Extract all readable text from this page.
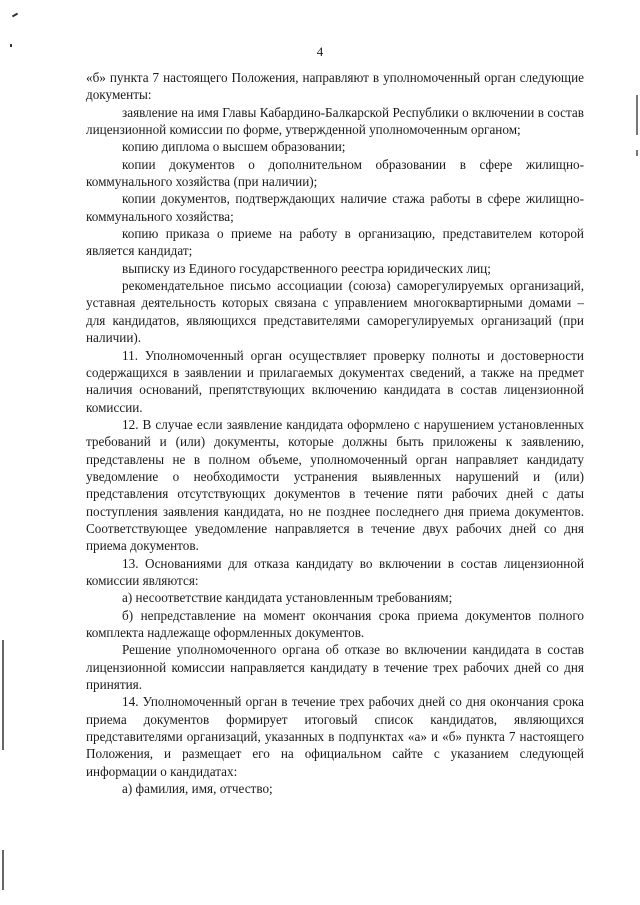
4

«б» пункта 7 настоящего Положения, направляют в уполномоченный орган следующие документы:

заявление на имя Главы Кабардино-Балкарской Республики о включении в состав лицензионной комиссии по форме, утвержденной уполномоченным органом;

копию диплома о высшем образовании;

копии документов о дополнительном образовании в сфере жилищно-коммунального хозяйства (при наличии);

копии документов, подтверждающих наличие стажа работы в сфере жилищно-коммунального хозяйства;

копию приказа о приеме на работу в организацию, представителем которой является кандидат;

выписку из Единого государственного реестра юридических лиц;

рекомендательное письмо ассоциации (союза) саморегулируемых организаций, уставная деятельность которых связана с управлением многоквартирными домами – для кандидатов, являющихся представителями саморегулируемых организаций (при наличии).

11. Уполномоченный орган осуществляет проверку полноты и достоверности содержащихся в заявлении и прилагаемых документах сведений, а также на предмет наличия оснований, препятствующих включению кандидата в состав лицензионной комиссии.

12. В случае если заявление кандидата оформлено с нарушением установленных требований и (или) документы, которые должны быть приложены к заявлению, представлены не в полном объеме, уполномоченный орган направляет кандидату уведомление о необходимости устранения выявленных нарушений и (или) представления отсутствующих документов в течение пяти рабочих дней с даты поступления заявления кандидата, но не позднее последнего дня приема документов. Соответствующее уведомление направляется в течение двух рабочих дней со дня приема документов.

13. Основаниями для отказа кандидату во включении в состав лицензионной комиссии являются:

а) несоответствие кандидата установленным требованиям;

б) непредставление на момент окончания срока приема документов полного комплекта надлежаще оформленных документов.

Решение уполномоченного органа об отказе во включении кандидата в состав лицензионной комиссии направляется кандидату в течение трех рабочих дней со дня принятия.

14. Уполномоченный орган в течение трех рабочих дней со дня окончания срока приема документов формирует итоговый список кандидатов, являющихся представителями организаций, указанных в подпунктах «а» и «б» пункта 7 настоящего Положения, и размещает его на официальном сайте с указанием следующей информации о кандидатах:

а) фамилия, имя, отчество;
